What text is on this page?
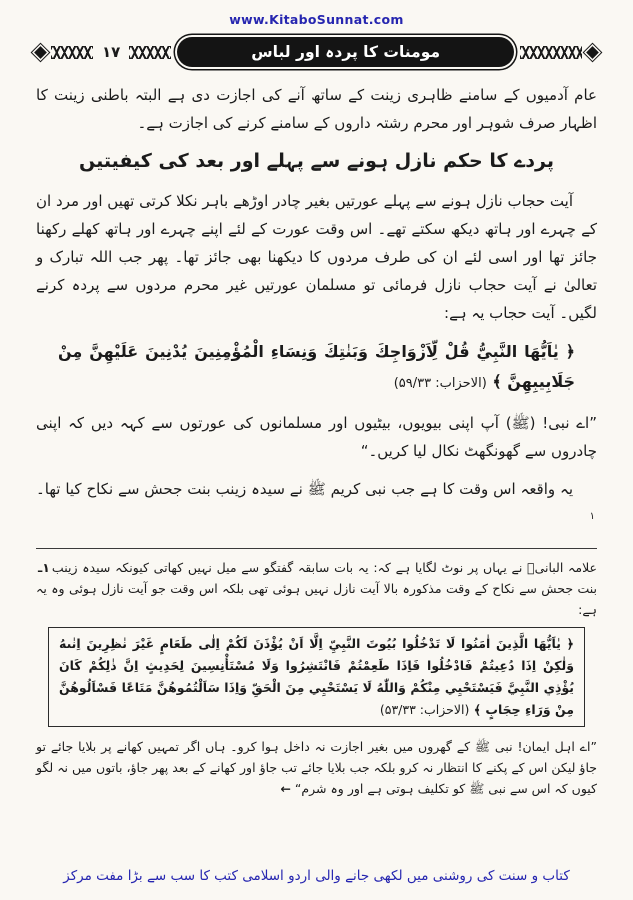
www.KitaboSunnat.com
۱۷	مومنات کا پردہ اور لباس

عام آدمیوں کے سامنے ظاہری زینت کے ساتھ آنے کی اجازت دی ہے البتہ باطنی زینت کا اظہار صرف شوہر اور محرم رشتہ داروں کے سامنے کرنے کی اجازت ہے۔

پردے کا حکم نازل ہونے سے پہلے اور بعد کی کیفیتیں

آیت حجاب نازل ہونے سے پہلے عورتیں بغیر چادر اوڑھے باہر نکلا کرتی تھیں اور مرد ان کے چہرے اور ہاتھ دیکھ سکتے تھے۔ اس وقت عورت کے لئے اپنے چہرے اور ہاتھ کھلے رکھنا جائز تھا اور اسی لئے ان کی طرف مردوں کا دیکھنا بھی جائز تھا۔ پھر جب اللہ تبارک و تعالیٰ نے آیت حجاب نازل فرمائی تو مسلمان عورتیں غیر محرم مردوں سے پردہ کرنے لگیں۔ آیت حجاب یہ ہے:

﴿ يٰاَيُّهَا النَّبِيُّ قُلْ لِّاَزْوَاجِكَ وَبَنٰتِكَ وَنِسَاءِ الْمُؤْمِنِينَ يُدْنِينَ عَلَيْهِنَّ مِنْ جَلَابِيبِهِنَّ ﴾ (الاحزاب: ۵۹/۳۳)

”اے نبی! (ﷺ) آپ اپنی بیویوں، بیٹیوں اور مسلمانوں کی عورتوں سے کہہ دیں کہ اپنی چادروں سے گھونگھٹ نکال لیا کریں۔“

یہ واقعہ اس وقت کا ہے جب نبی کریم ﷺ نے سیدہ زینب بنت جحش سے نکاح کیا تھا۔$^۱$

۱ـ علامہ البانیؒ نے یہاں پر نوٹ لگایا ہے کہ: یہ بات سابقہ گفتگو سے میل نہیں کھاتی کیونکہ سیدہ زینب بنت جحش سے نکاح کے وقت مذکورہ بالا آیت نازل نہیں ہوئی تھی بلکہ اس وقت جو آیت نازل ہوئی وہ یہ ہے:

﴿ يٰاَيُّهَا الَّذِينَ اٰمَنُوا لَا تَدْخُلُوا بُيُوتَ النَّبِيِّ اِلَّا اَنْ يُؤْذَنَ لَكُمْ اِلٰى طَعَامٍ غَيْرَ نٰظِرِينَ اِنٰىهُ وَلٰكِنْ اِذَا دُعِيتُمْ فَادْخُلُوا فَاِذَا طَعِمْتُمْ فَانْتَشِرُوا وَلَا مُسْتَأْنِسِينَ لِحَدِيثٍ اِنَّ ذٰلِكُمْ كَانَ يُؤْذِي النَّبِيَّ فَيَسْتَحْيِي مِنْكُمْ وَاللّٰهُ لَا يَسْتَحْيِي مِنَ الْحَقِّ وَاِذَا سَاَلْتُمُوهُنَّ مَتَاعًا فَسْاَلُوهُنَّ مِنْ وَرَاءِ حِجَابٍ ﴾ (الاحزاب: ۵۳/۳۳)

”اے اہل ایمان! نبی ﷺ کے گھروں میں بغیر اجازت نہ داخل ہوا کرو۔ ہاں اگر تمہیں کھانے پر بلایا جائے تو جاؤ لیکن اس کے پکنے کا انتظار نہ کرو بلکہ جب بلایا جائے تب جاؤ اور کھانے کے بعد پھر جاؤ، باتوں میں نہ لگو کیوں کہ اس سے نبی ﷺ کو تکلیف ہوتی ہے اور وہ شرم“ ←

کتاب و سنت کی روشنی میں لکھی جانے والی اردو اسلامی کتب کا سب سے بڑا مفت مرکز
